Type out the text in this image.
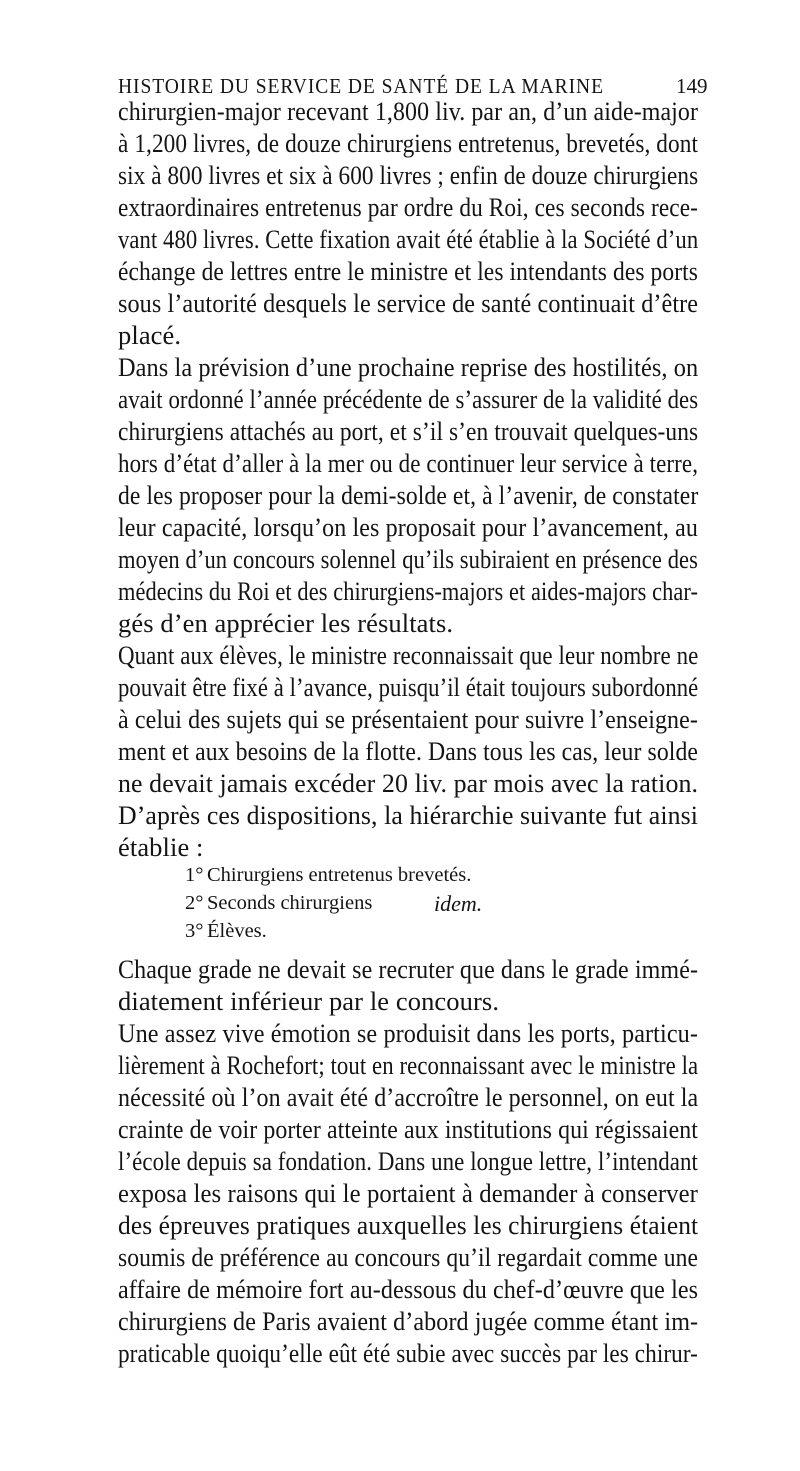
HISTOIRE DU SERVICE DE SANTÉ DE LA MARINE	149
chirurgien-major recevant 1,800 liv. par an, d’un aide-major
à 1,200 livres, de douze chirurgiens entretenus, brevetés, dont
six à 800 livres et six à 600 livres ; enfin de douze chirurgiens
extraordinaires entretenus par ordre du Roi, ces seconds rece-
vant 480 livres. Cette fixation avait été établie à la Société d’un
échange de lettres entre le ministre et les intendants des ports
sous l’autorité desquels le service de santé continuait d’être
placé.
Dans la prévision d’une prochaine reprise des hostilités, on
avait ordonné l’année précédente de s’assurer de la validité des
chirurgiens attachés au port, et s’il s’en trouvait quelques-uns
hors d’état d’aller à la mer ou de continuer leur service à terre,
de les proposer pour la demi-solde et, à l’avenir, de constater
leur capacité, lorsqu’on les proposait pour l’avancement, au
moyen d’un concours solennel qu’ils subiraient en présence des
médecins du Roi et des chirurgiens-majors et aides-majors char-
gés d’en apprécier les résultats.
Quant aux élèves, le ministre reconnaissait que leur nombre ne
pouvait être fixé à l’avance, puisqu’il était toujours subordonné
à celui des sujets qui se présentaient pour suivre l’enseigne-
ment et aux besoins de la flotte. Dans tous les cas, leur solde
ne devait jamais excéder 20 liv. par mois avec la ration.
D’après ces dispositions, la hiérarchie suivante fut ainsi
établie :
1° Chirurgiens entretenus brevetés.
2° Seconds chirurgiens	idem.
3° Élèves.
Chaque grade ne devait se recruter que dans le grade immé-
diatement inférieur par le concours.
Une assez vive émotion se produisit dans les ports, particu-
lièrement à Rochefort; tout en reconnaissant avec le ministre la
nécessité où l’on avait été d’accroître le personnel, on eut la
crainte de voir porter atteinte aux institutions qui régissaient
l’école depuis sa fondation. Dans une longue lettre, l’intendant
exposa les raisons qui le portaient à demander à conserver
des épreuves pratiques auxquelles les chirurgiens étaient
soumis de préférence au concours qu’il regardait comme une
affaire de mémoire fort au-dessous du chef-d’œuvre que les
chirurgiens de Paris avaient d’abord jugée comme étant im-
praticable quoiqu’elle eût été subie avec succès par les chirur-
